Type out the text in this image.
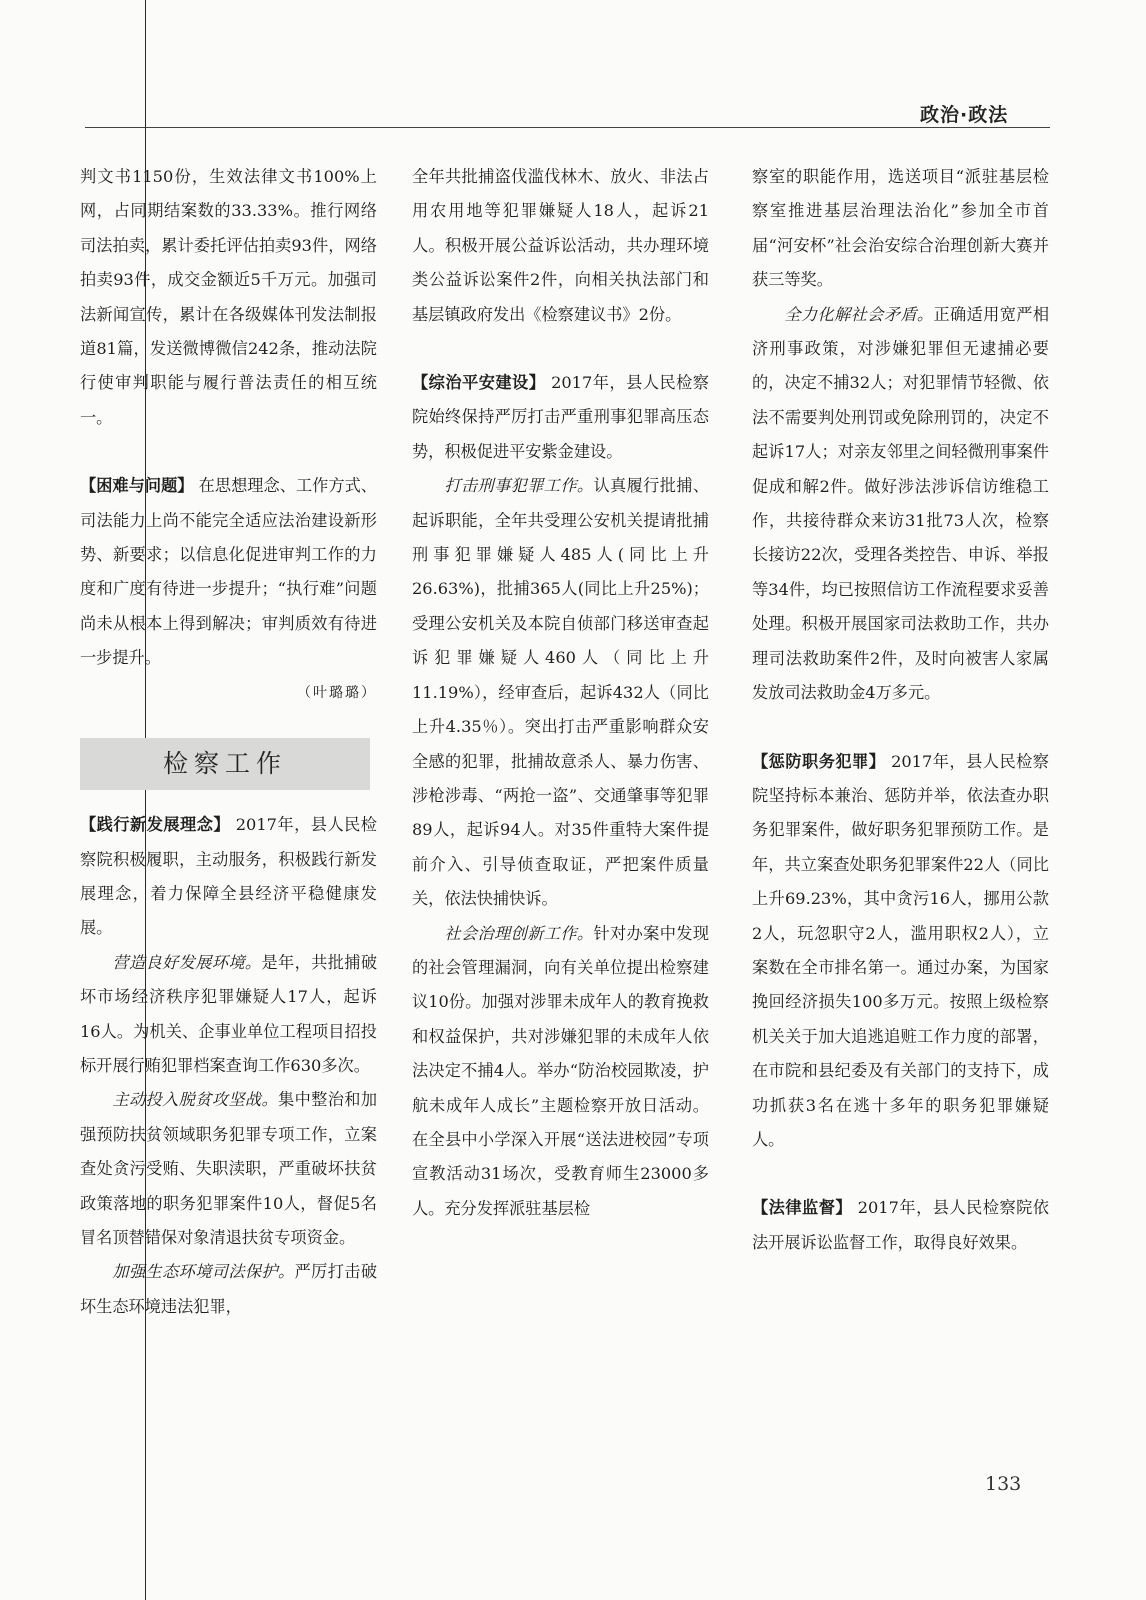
政治·政法

判文书1150份，生效法律文书100%上网，占同期结案数的33.33%。推行网络司法拍卖，累计委托评估拍卖93件，网络拍卖93件，成交金额近5千万元。加强司法新闻宣传，累计在各级媒体刊发法制报道81篇，发送微博微信242条，推动法院行使审判职能与履行普法责任的相互统一。

【困难与问题】 在思想理念、工作方式、司法能力上尚不能完全适应法治建设新形势、新要求；以信息化促进审判工作的力度和广度有待进一步提升；“执行难”问题尚未从根本上得到解决；审判质效有待进一步提升。

（叶璐璐）

检察工作

【践行新发展理念】 2017年，县人民检察院积极履职，主动服务，积极践行新发展理念，着力保障全县经济平稳健康发展。

营造良好发展环境。是年，共批捕破坏市场经济秩序犯罪嫌疑人17人，起诉16人。为机关、企事业单位工程项目招投标开展行贿犯罪档案查询工作630多次。

主动投入脱贫攻坚战。集中整治和加强预防扶贫领域职务犯罪专项工作，立案查处贪污受贿、失职渎职，严重破坏扶贫政策落地的职务犯罪案件10人，督促5名冒名顶替错保对象清退扶贫专项资金。

加强生态环境司法保护。严厉打击破坏生态环境违法犯罪，

全年共批捕盗伐滥伐林木、放火、非法占用农用地等犯罪嫌疑人18人，起诉21人。积极开展公益诉讼活动，共办理环境类公益诉讼案件2件，向相关执法部门和基层镇政府发出《检察建议书》2份。

【综治平安建设】 2017年，县人民检察院始终保持严厉打击严重刑事犯罪高压态势，积极促进平安紫金建设。

打击刑事犯罪工作。认真履行批捕、起诉职能，全年共受理公安机关提请批捕刑事犯罪嫌疑人485人(同比上升26.63%)，批捕365人(同比上升25%)；受理公安机关及本院自侦部门移送审查起诉犯罪嫌疑人460人（同比上升11.19%），经审查后，起诉432人（同比上升4.35％）。突出打击严重影响群众安全感的犯罪，批捕故意杀人、暴力伤害、涉枪涉毒、“两抢一盗”、交通肇事等犯罪89人，起诉94人。对35件重特大案件提前介入、引导侦查取证，严把案件质量关，依法快捕快诉。

社会治理创新工作。针对办案中发现的社会管理漏洞，向有关单位提出检察建议10份。加强对涉罪未成年人的教育挽救和权益保护，共对涉嫌犯罪的未成年人依法决定不捕4人。举办“防治校园欺凌，护航未成年人成长”主题检察开放日活动。在全县中小学深入开展“送法进校园”专项宣教活动31场次，受教育师生23000多人。充分发挥派驻基层检

察室的职能作用，选送项目“派驻基层检察室推进基层治理法治化”参加全市首届“河安杯”社会治安综合治理创新大赛并获三等奖。

全力化解社会矛盾。正确适用宽严相济刑事政策，对涉嫌犯罪但无逮捕必要的，决定不捕32人；对犯罪情节轻微、依法不需要判处刑罚或免除刑罚的，决定不起诉17人；对亲友邻里之间轻微刑事案件促成和解2件。做好涉法涉诉信访维稳工作，共接待群众来访31批73人次，检察长接访22次，受理各类控告、申诉、举报等34件，均已按照信访工作流程要求妥善处理。积极开展国家司法救助工作，共办理司法救助案件2件，及时向被害人家属发放司法救助金4万多元。

【惩防职务犯罪】 2017年，县人民检察院坚持标本兼治、惩防并举，依法查办职务犯罪案件，做好职务犯罪预防工作。是年，共立案查处职务犯罪案件22人（同比上升69.23%，其中贪污16人，挪用公款2人，玩忽职守2人，滥用职权2人），立案数在全市排名第一。通过办案，为国家挽回经济损失100多万元。按照上级检察机关关于加大追逃追赃工作力度的部署，在市院和县纪委及有关部门的支持下，成功抓获3名在逃十多年的职务犯罪嫌疑人。

【法律监督】 2017年，县人民检察院依法开展诉讼监督工作，取得良好效果。

133
